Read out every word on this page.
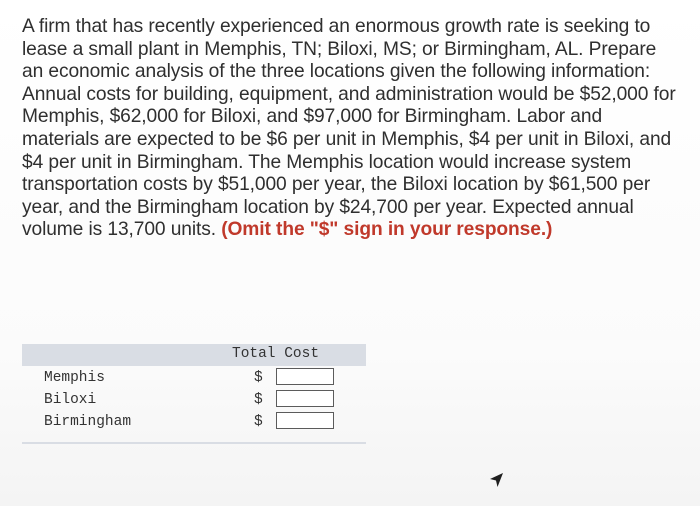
A firm that has recently experienced an enormous growth rate is seeking to lease a small plant in Memphis, TN; Biloxi, MS; or Birmingham, AL. Prepare an economic analysis of the three locations given the following information: Annual costs for building, equipment, and administration would be $52,000 for Memphis, $62,000 for Biloxi, and $97,000 for Birmingham. Labor and materials are expected to be $6 per unit in Memphis, $4 per unit in Biloxi, and $4 per unit in Birmingham. The Memphis location would increase system transportation costs by $51,000 per year, the Biloxi location by $61,500 per year, and the Birmingham location by $24,700 per year. Expected annual volume is 13,700 units. (Omit the "$" sign in your response.)

Total Cost
Memphis	$
Biloxi	$
Birmingham	$
